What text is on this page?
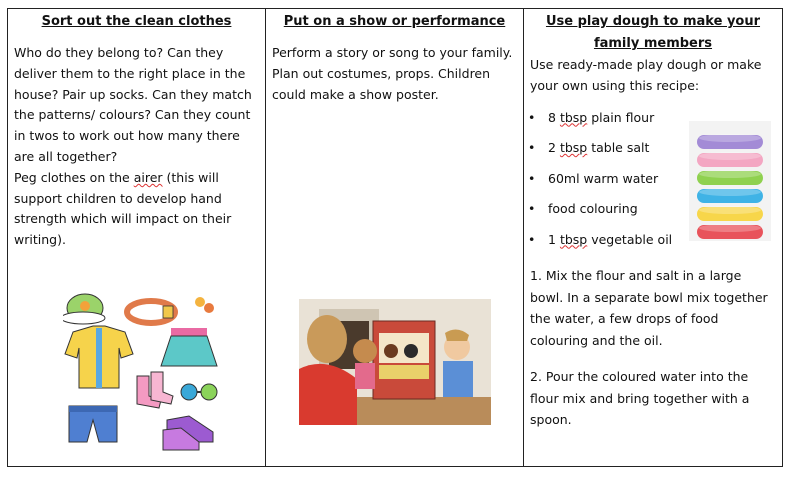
Sort out the clean clothes

Who do they belong to? Can they deliver them to the right place in the house? Pair up socks. Can they match the patterns/ colours? Can they count in twos to work out how many there are all together?

Peg clothes on the airer (this will support children to develop hand strength which will impact on their writing).

Put on a show or performance

Perform a story or song to your family. Plan out costumes, props. Children could make a show poster.

Use play dough to make your family members

Use ready-made play dough or make your own using this recipe:

• 8 tbsp plain flour
• 2 tbsp table salt
• 60ml warm water
• food colouring
• 1 tbsp vegetable oil

1. Mix the flour and salt in a large bowl. In a separate bowl mix together the water, a few drops of food colouring and the oil.

2. Pour the coloured water into the flour mix and bring together with a spoon.
